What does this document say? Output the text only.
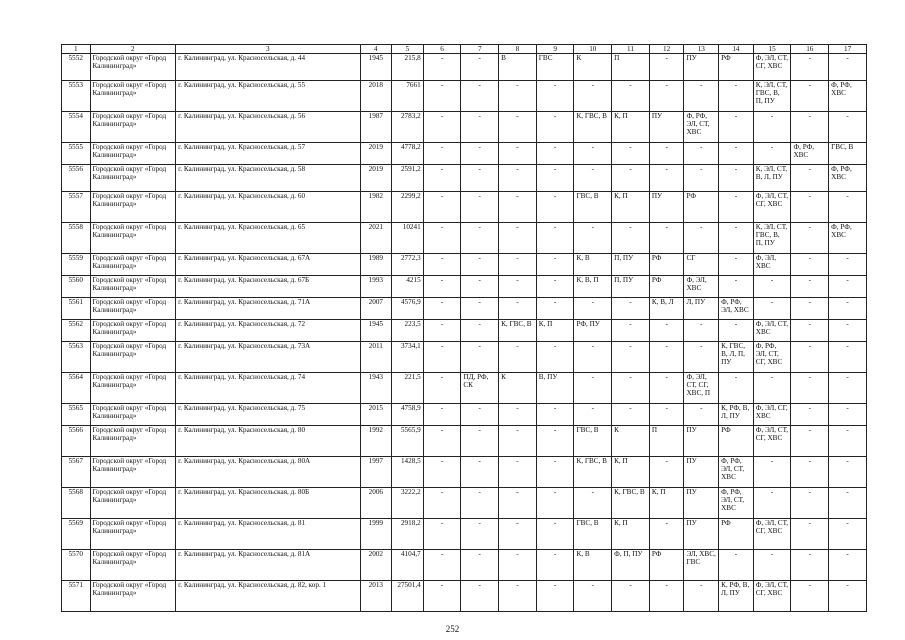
1	2	3	4	5	6	7	8	9	10	11	12	13	14	15	16	17
5552	Городской округ «Город Калининград»	г. Калининград, ул. Красносельская, д. 44	1945	215,8	-	-	В	ГВС	К	П	-	ПУ	РФ	Ф, ЭЛ, СТ, СГ, ХВС	-	-
5553	Городской округ «Город Калининград»	г. Калининград, ул. Красносельская, д. 55	2018	7661	-	-	-	-	-	-	-	-	-	К, ЭЛ, СТ, ГВС, В, П, ПУ	-	Ф, РФ, ХВС
5554	Городской округ «Город Калининград»	г. Калининград, ул. Красносельская, д. 56	1987	2783,2	-	-	-	-	К, ГВС, В	К, П	ПУ	Ф, РФ, ЭЛ, СТ, ХВС	-	-	-	-
5555	Городской округ «Город Калининград»	г. Калининград, ул. Красносельская, д. 57	2019	4778,2	-	-	-	-	-	-	-	-	-	-	Ф, РФ, ХВС	ГВС, В
5556	Городской округ «Город Калининград»	г. Калининград, ул. Красносельская, д. 58	2019	2591,2	-	-	-	-	-	-	-	-	-	К, ЭЛ, СТ, В, Л, ПУ	-	Ф, РФ, ХВС
5557	Городской округ «Город Калининград»	г. Калининград, ул. Красносельская, д. 60	1982	2299,2	-	-	-	-	ГВС, В	К, П	ПУ	РФ	-	Ф, ЭЛ, СТ, СГ, ХВС	-	-
5558	Городской округ «Город Калининград»	г. Калининград, ул. Красносельская, д. 65	2021	10241	-	-	-	-	-	-	-	-	-	К, ЭЛ, СТ, ГВС, В, П, ПУ	-	Ф, РФ, ХВС
5559	Городской округ «Город Калининград»	г. Калининград, ул. Красносельская, д. 67А	1989	2772,3	-	-	-	-	К, В	П, ПУ	РФ	СГ	-	Ф, ЭЛ, ХВС	-	-
5560	Городской округ «Город Калининград»	г. Калининград, ул. Красносельская, д. 67Б	1993	4215	-	-	-	-	К, В, П	П, ПУ	РФ	Ф, ЭЛ, ХВС	-	-	-	-
5561	Городской округ «Город Калининград»	г. Калининград, ул. Красносельская, д. 71А	2007	4576,9	-	-	-	-	-	-	К, В, Л	Л, ПУ	Ф, РФ, ЭЛ, ХВС	-	-	-
5562	Городской округ «Город Калининград»	г. Калининград, ул. Красносельская, д. 72	1945	223,5	-	-	К, ГВС, В	К, П	РФ, ПУ	-	-	-	-	Ф, ЭЛ, СТ, ХВС	-	-
5563	Городской округ «Город Калининград»	г. Калининград, ул. Красносельская, д. 73А	2011	3734,1	-	-	-	-	-	-	-	-	К, ГВС, В, Л, П, ПУ	Ф, РФ, ЭЛ, СТ, СГ, ХВС	-	-
5564	Городской округ «Город Калининград»	г. Калининград, ул. Красносельская, д. 74	1943	221,5	-	ПД, РФ, СК	К	В, ПУ	-	-	-	Ф, ЭЛ, СТ, СГ, ХВС, П	-	-	-	-
5565	Городской округ «Город Калининград»	г. Калининград, ул. Красносельская, д. 75	2015	4758,9	-	-	-	-	-	-	-	-	К, РФ, В, Л, ПУ	Ф, ЭЛ, СГ, ХВС	-	-
5566	Городской округ «Город Калининград»	г. Калининград, ул. Красносельская, д. 80	1992	5565,9	-	-	-	-	ГВС, В	К	П	ПУ	РФ	Ф, ЭЛ, СТ, СГ, ХВС	-	-
5567	Городской округ «Город Калининград»	г. Калининград, ул. Красносельская, д. 80А	1997	1428,5	-	-	-	-	К, ГВС, В	К, П	-	ПУ	Ф, РФ, ЭЛ, СТ, ХВС	-	-	-
5568	Городской округ «Город Калининград»	г. Калининград, ул. Красносельская, д. 80Б	2006	3222,2	-	-	-	-	-	К, ГВС, В	К, П	ПУ	Ф, РФ, ЭЛ, СТ, ХВС	-	-	-
5569	Городской округ «Город Калининград»	г. Калининград, ул. Красносельская, д. 81	1999	2918,2	-	-	-	-	ГВС, В	К, П	-	ПУ	РФ	Ф, ЭЛ, СТ, СГ, ХВС	-	-
5570	Городской округ «Город Калининград»	г. Калининград, ул. Красносельская, д. 81А	2002	4104,7	-	-	-	-	К, В	Ф, П, ПУ	РФ	ЭЛ, ХВС, ГВС	-	-	-	-
5571	Городской округ «Город Калининград»	г. Калининград, ул. Красносельская, д. 82, кор. 1	2013	27501,4	-	-	-	-	-	-	-	-	К, РФ, В, Л, ПУ	Ф, ЭЛ, СТ, СГ, ХВС	-	-
252
